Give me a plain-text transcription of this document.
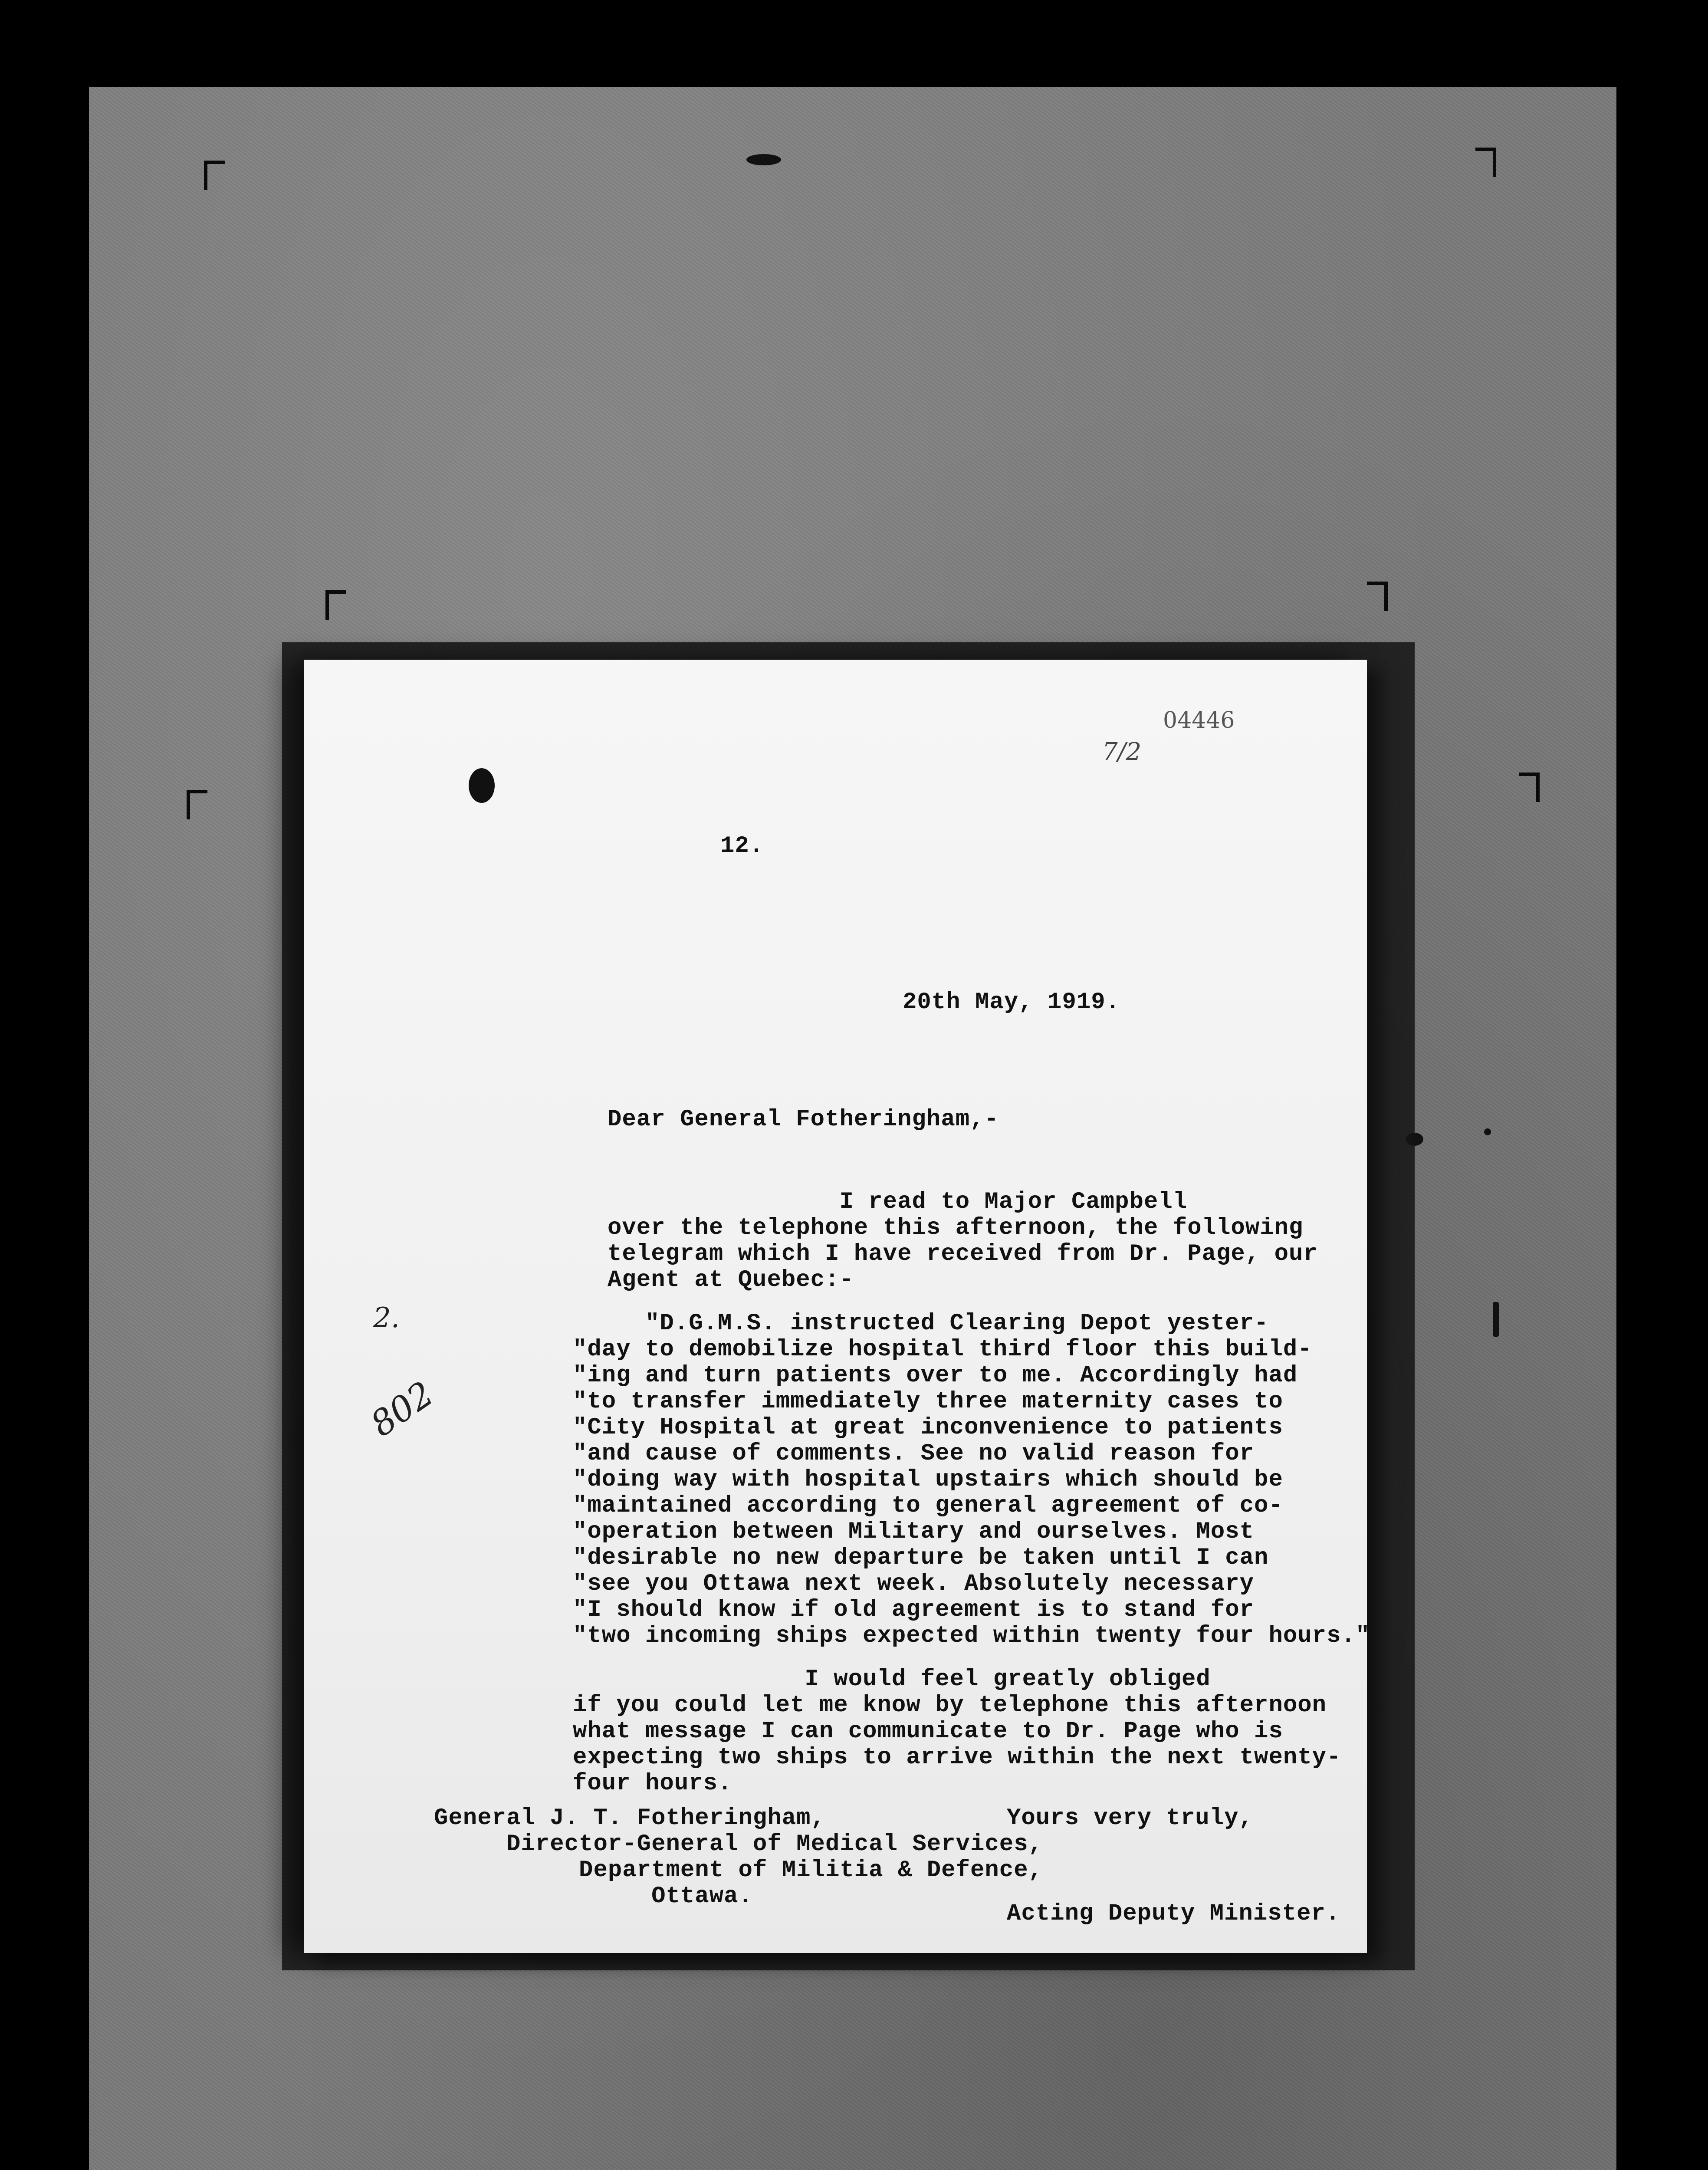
04446
7/2
12.
20th May, 1919.
Dear General Fotheringham,-
I read to Major Campbell
over the telephone this afternoon, the following
telegram which I have received from Dr. Page, our
Agent at Quebec:-
"D.G.M.S. instructed Clearing Depot yester-
"day to demobilize hospital third floor this build-
"ing and turn patients over to me. Accordingly had
"to transfer immediately three maternity cases to
"City Hospital at great inconvenience to patients
"and cause of comments. See no valid reason for
"doing way with hospital upstairs which should be
"maintained according to general agreement of co-
"operation between Military and ourselves. Most
"desirable no new departure be taken until I can
"see you Ottawa next week. Absolutely necessary
"I should know if old agreement is to stand for
"two incoming ships expected within twenty four hours."
2.
802
I would feel greatly obliged
if you could let me know by telephone this afternoon
what message I can communicate to Dr. Page who is
expecting two ships to arrive within the next twenty-
four hours.
Yours very truly,
General J. T. Fotheringham,
Director-General of Medical Services,
Department of Militia & Defence,
Ottawa.
Acting Deputy Minister.
